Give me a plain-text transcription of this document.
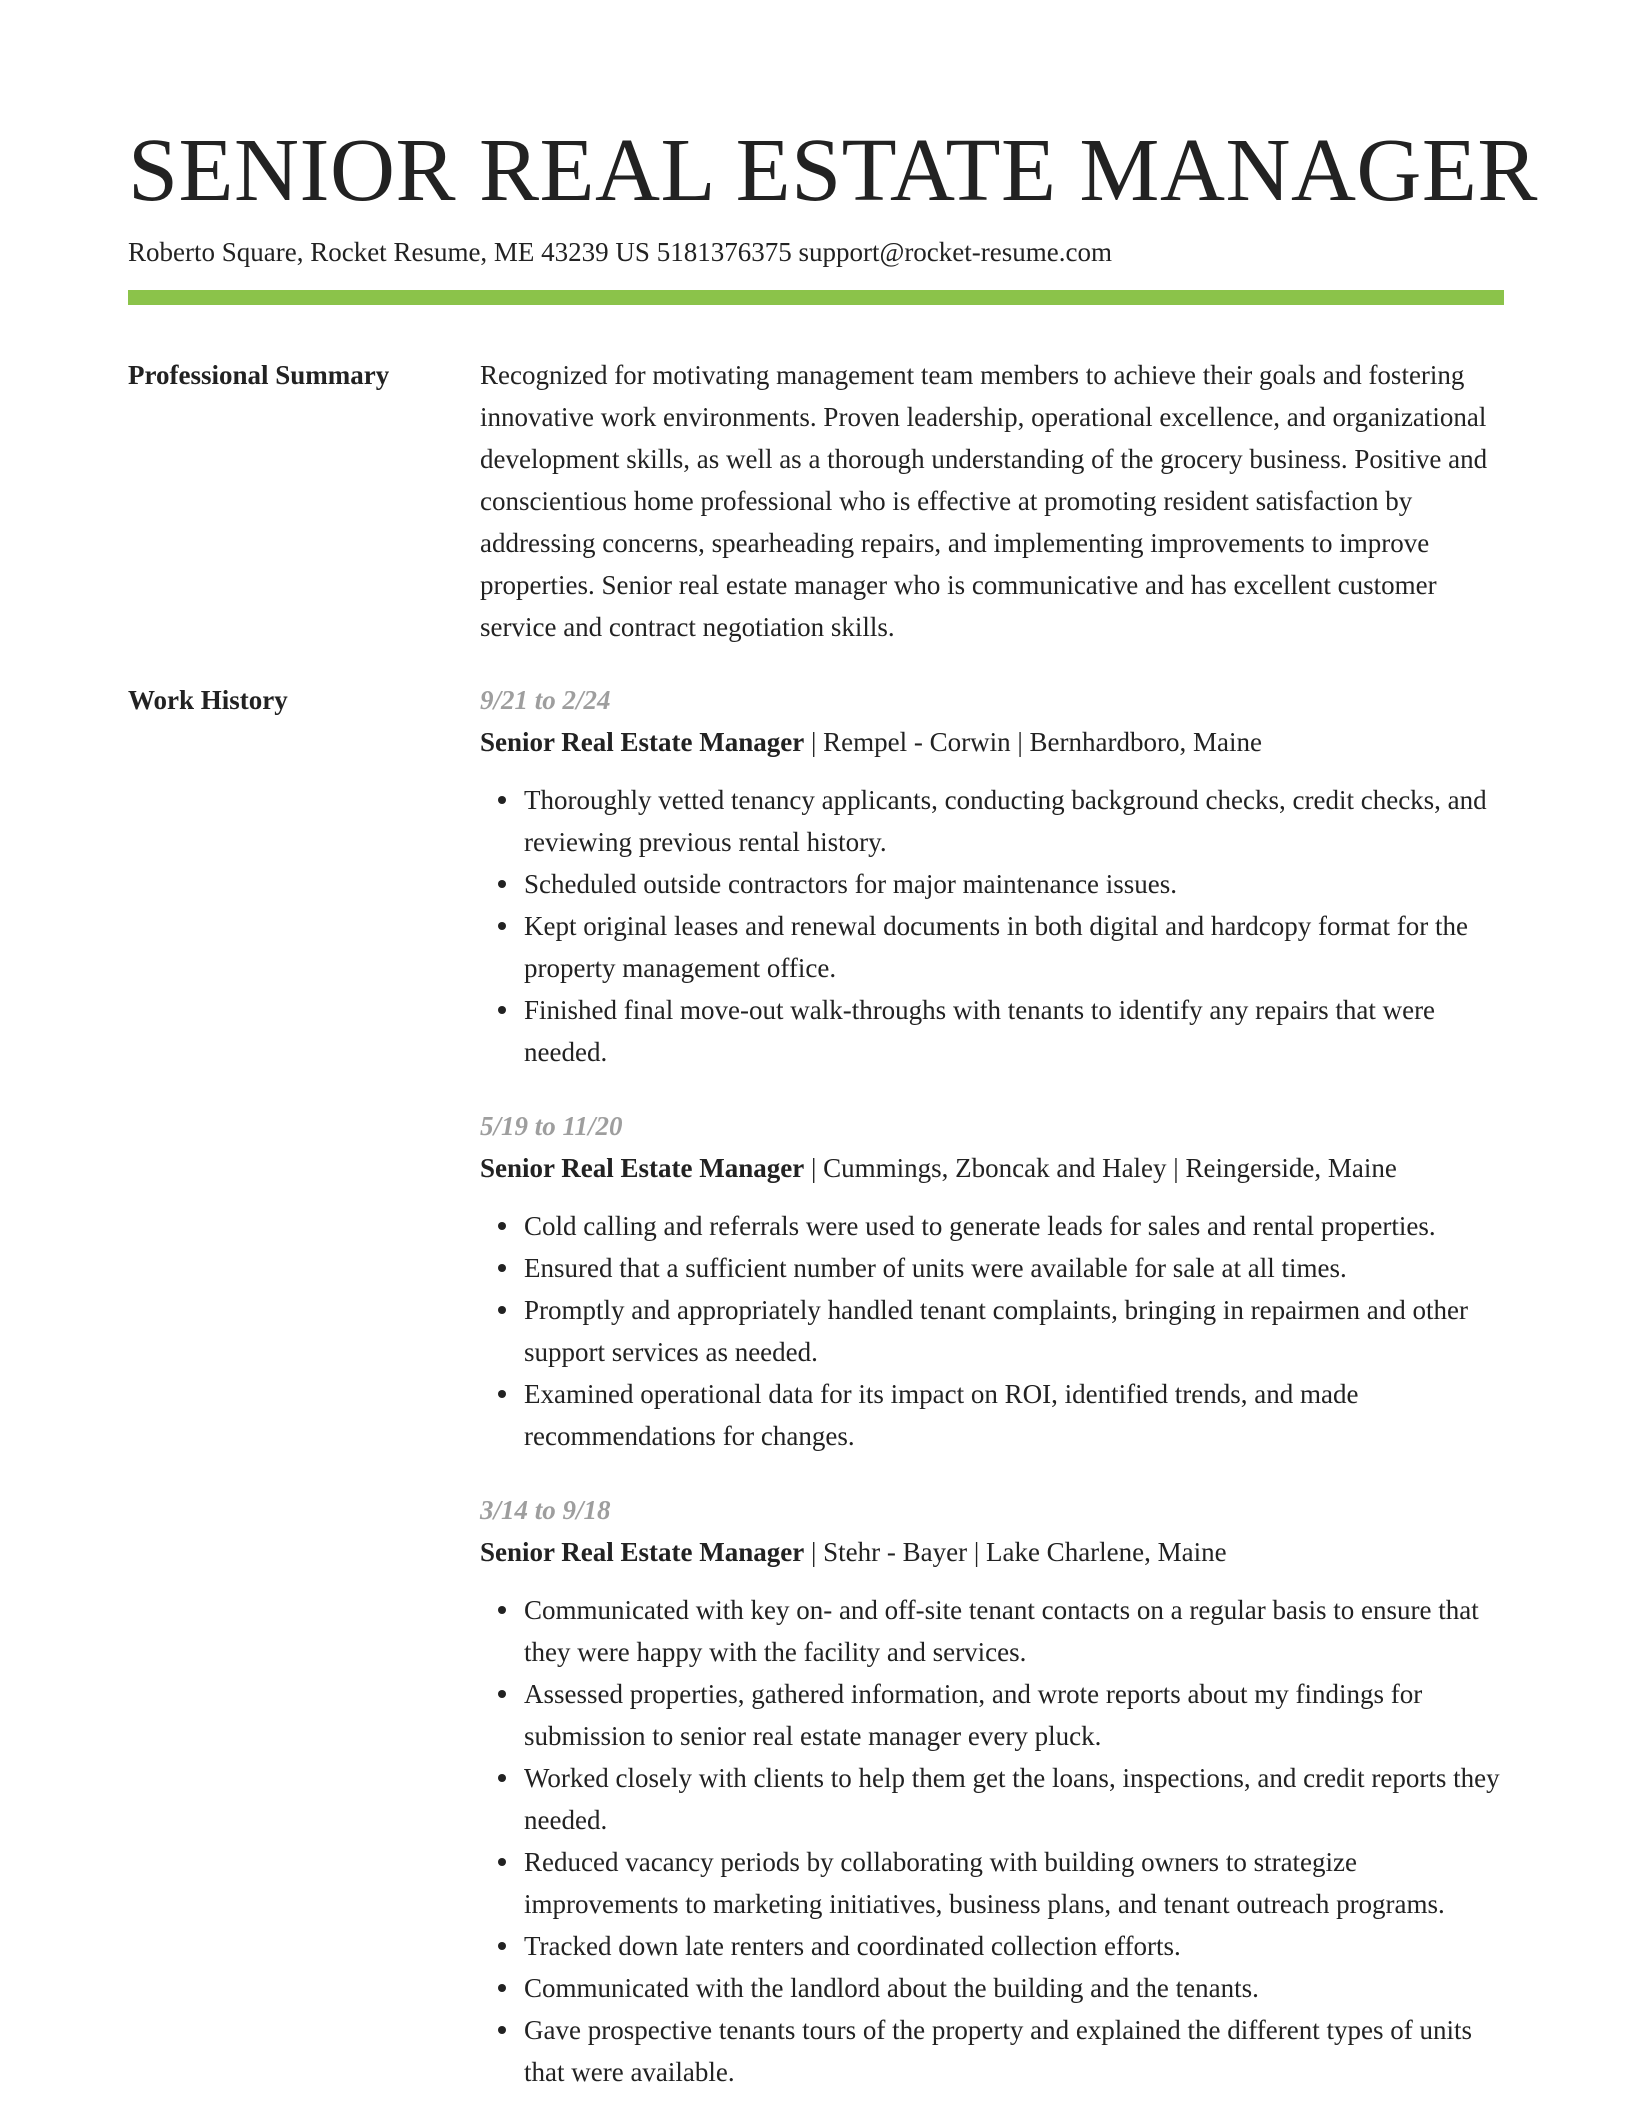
SENIOR REAL ESTATE MANAGER
Roberto Square, Rocket Resume, ME 43239 US 5181376375 support@rocket-resume.com
Professional Summary	Recognized for motivating management team members to achieve their goals and fostering innovative work environments. Proven leadership, operational excellence, and organizational development skills, as well as a thorough understanding of the grocery business. Positive and conscientious home professional who is effective at promoting resident satisfaction by addressing concerns, spearheading repairs, and implementing improvements to improve properties. Senior real estate manager who is communicative and has excellent customer service and contract negotiation skills.

Work History	9/21 to 2/24
Senior Real Estate Manager | Rempel - Corwin | Bernhardboro, Maine
Thoroughly vetted tenancy applicants, conducting background checks, credit checks, and reviewing previous rental history.
Scheduled outside contractors for major maintenance issues.
Kept original leases and renewal documents in both digital and hardcopy format for the property management office.
Finished final move-out walk-throughs with tenants to identify any repairs that were needed.
5/19 to 11/20
Senior Real Estate Manager | Cummings, Zboncak and Haley | Reingerside, Maine
Cold calling and referrals were used to generate leads for sales and rental properties.
Ensured that a sufficient number of units were available for sale at all times.
Promptly and appropriately handled tenant complaints, bringing in repairmen and other support services as needed.
Examined operational data for its impact on ROI, identified trends, and made recommendations for changes.
3/14 to 9/18
Senior Real Estate Manager | Stehr - Bayer | Lake Charlene, Maine
Communicated with key on- and off-site tenant contacts on a regular basis to ensure that they were happy with the facility and services.
Assessed properties, gathered information, and wrote reports about my findings for submission to senior real estate manager every pluck.
Worked closely with clients to help them get the loans, inspections, and credit reports they needed.
Reduced vacancy periods by collaborating with building owners to strategize improvements to marketing initiatives, business plans, and tenant outreach programs.
Tracked down late renters and coordinated collection efforts.
Communicated with the landlord about the building and the tenants.
Gave prospective tenants tours of the property and explained the different types of units that were available.
